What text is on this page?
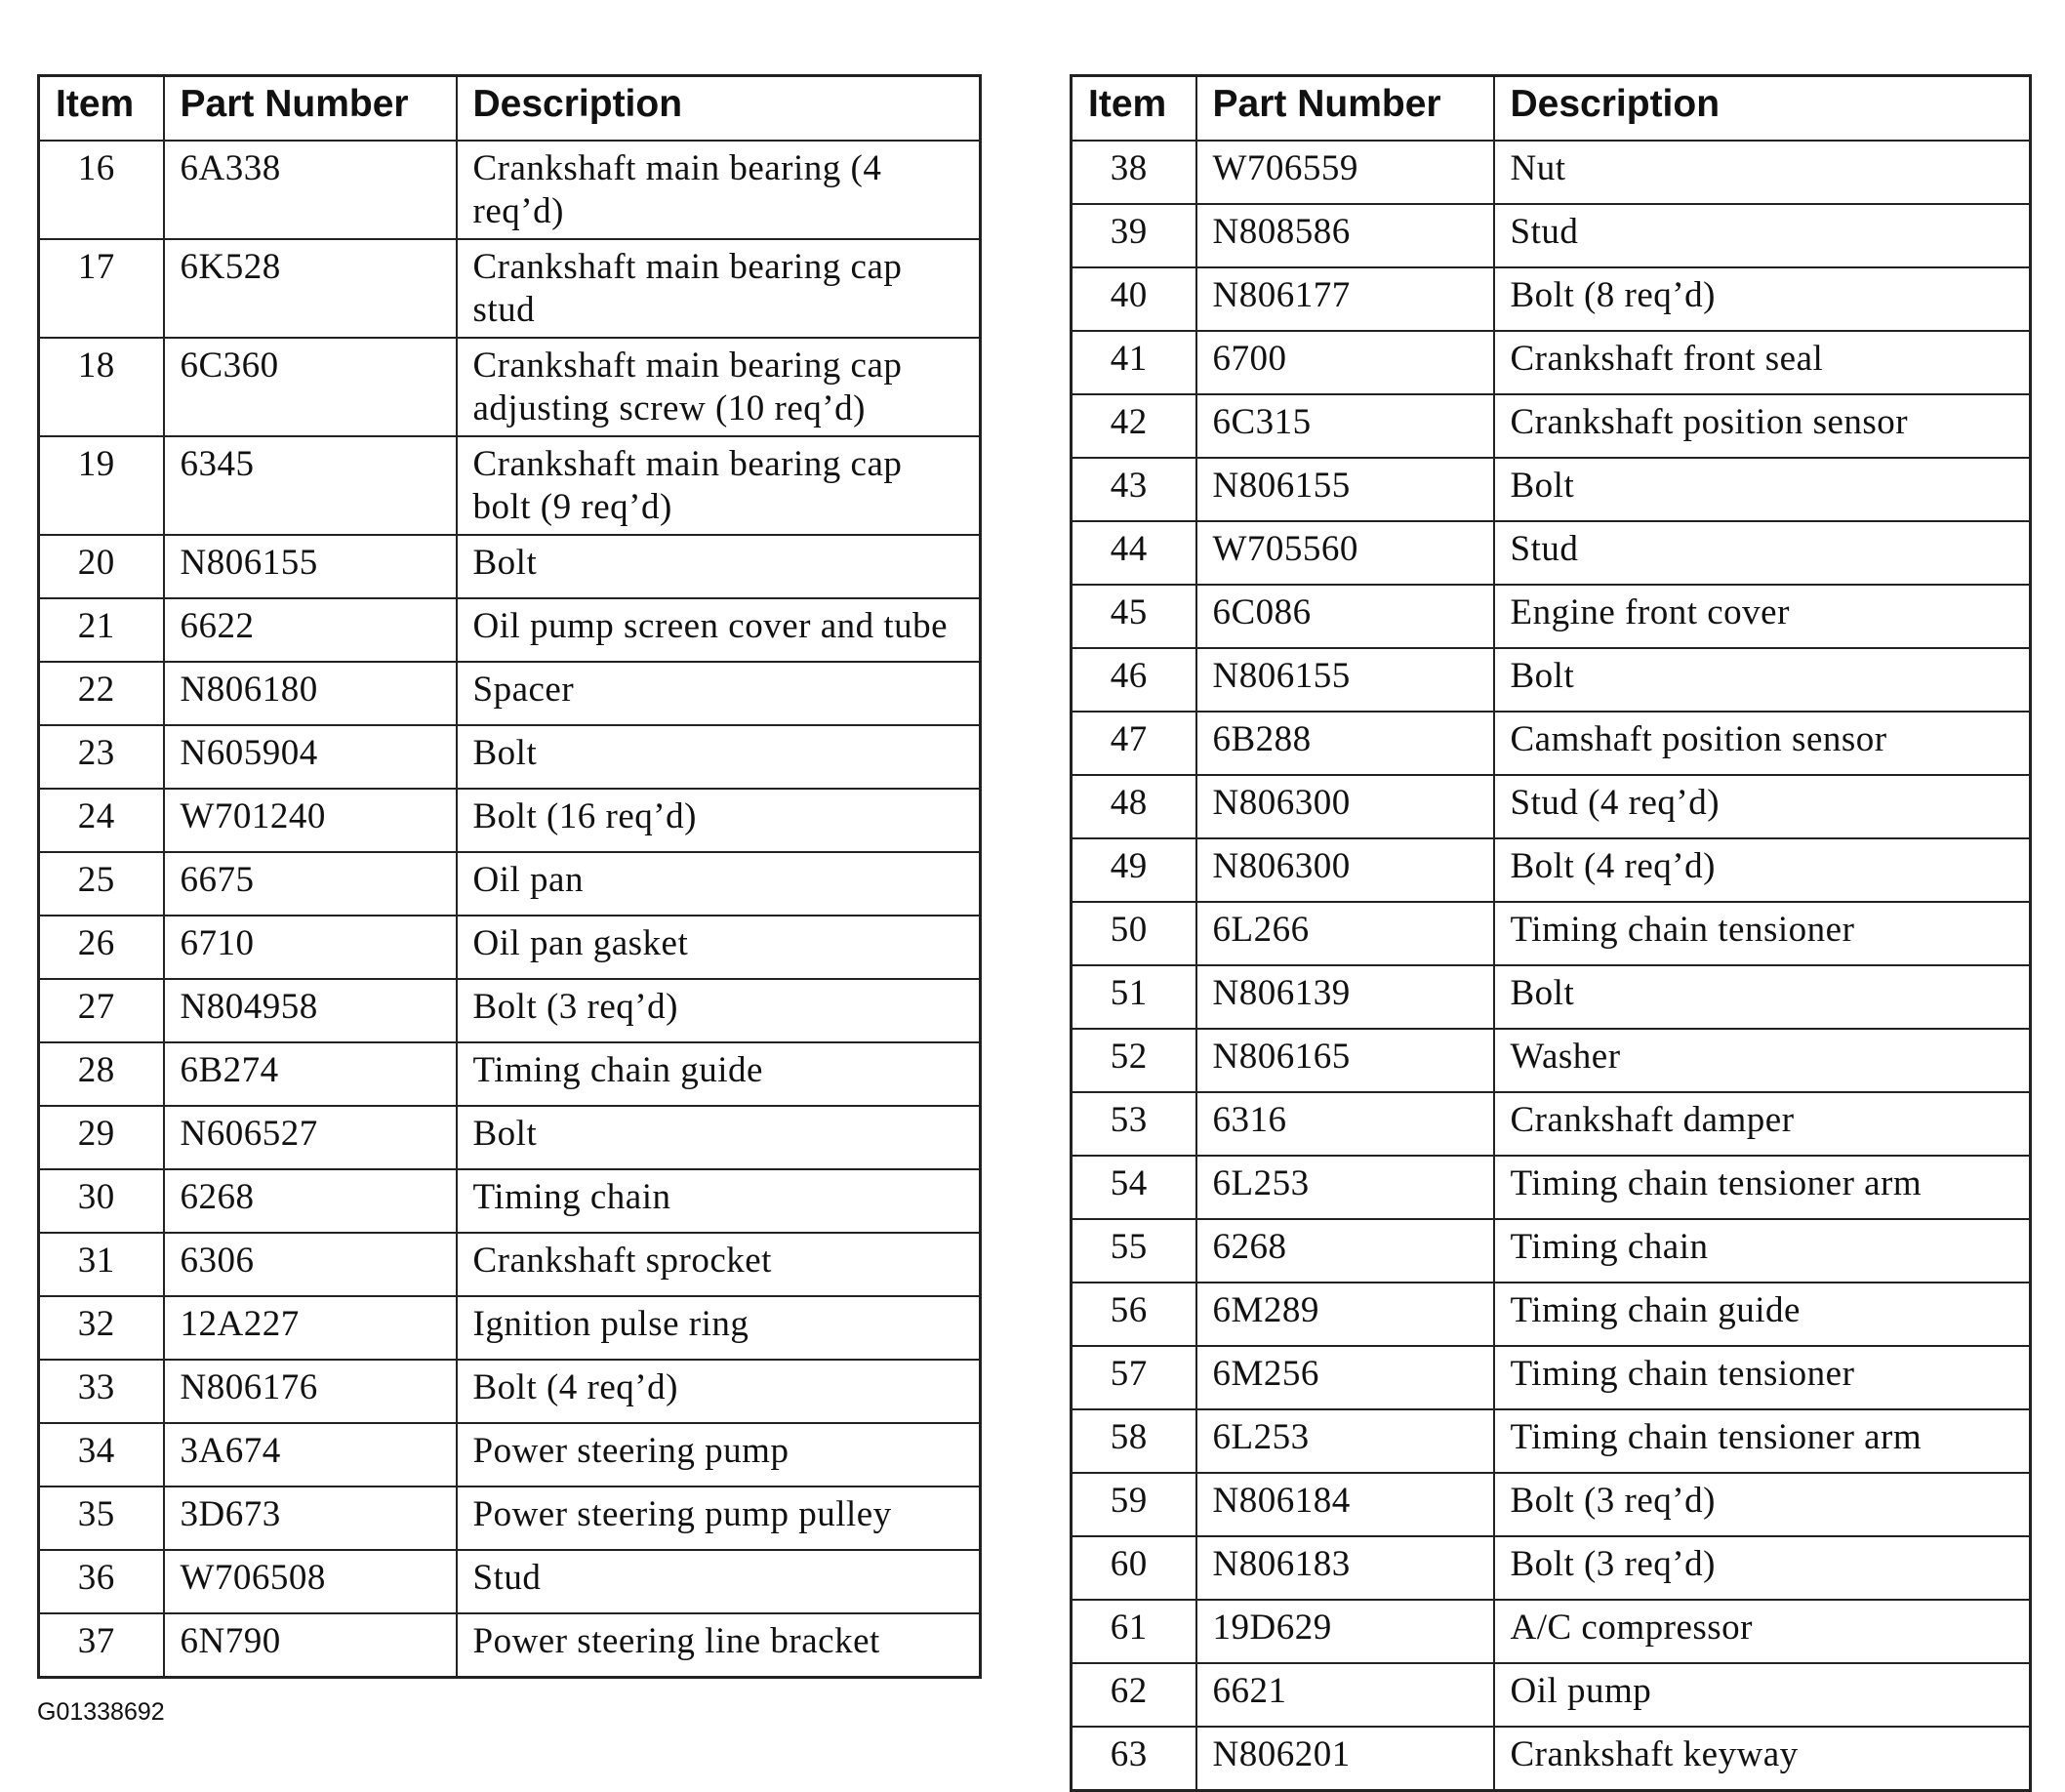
Item	Part Number	Description
16	6A338	Crankshaft main bearing (4 req’d)
17	6K528	Crankshaft main bearing cap stud
18	6C360	Crankshaft main bearing cap adjusting screw (10 req’d)
19	6345	Crankshaft main bearing cap bolt (9 req’d)
20	N806155	Bolt
21	6622	Oil pump screen cover and tube
22	N806180	Spacer
23	N605904	Bolt
24	W701240	Bolt (16 req’d)
25	6675	Oil pan
26	6710	Oil pan gasket
27	N804958	Bolt (3 req’d)
28	6B274	Timing chain guide
29	N606527	Bolt
30	6268	Timing chain
31	6306	Crankshaft sprocket
32	12A227	Ignition pulse ring
33	N806176	Bolt (4 req’d)
34	3A674	Power steering pump
35	3D673	Power steering pump pulley
36	W706508	Stud
37	6N790	Power steering line bracket
Item	Part Number	Description
38	W706559	Nut
39	N808586	Stud
40	N806177	Bolt (8 req’d)
41	6700	Crankshaft front seal
42	6C315	Crankshaft position sensor
43	N806155	Bolt
44	W705560	Stud
45	6C086	Engine front cover
46	N806155	Bolt
47	6B288	Camshaft position sensor
48	N806300	Stud (4 req’d)
49	N806300	Bolt (4 req’d)
50	6L266	Timing chain tensioner
51	N806139	Bolt
52	N806165	Washer
53	6316	Crankshaft damper
54	6L253	Timing chain tensioner arm
55	6268	Timing chain
56	6M289	Timing chain guide
57	6M256	Timing chain tensioner
58	6L253	Timing chain tensioner arm
59	N806184	Bolt (3 req’d)
60	N806183	Bolt (3 req’d)
61	19D629	A/C compressor
62	6621	Oil pump
63	N806201	Crankshaft keyway
G01338692
